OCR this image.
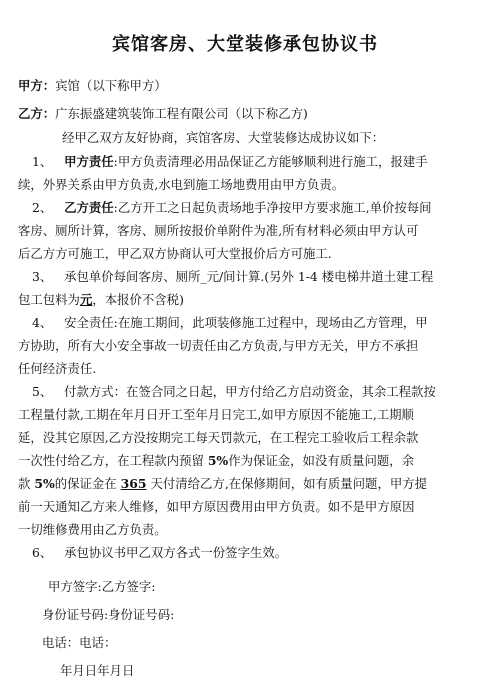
宾馆客房、大堂装修承包协议书
甲方：宾馆（以下称甲方）
乙方：广东振盛建筑装饰工程有限公司（以下称乙方)
经甲乙双方友好协商，宾馆客房、大堂装修达成协议如下：
1、 甲方责任:甲方负责清理必用品保证乙方能够顺利进行施工，报建手
续，外界关系由甲方负责,水电到施工场地费用由甲方负责。
2、 乙方责任:乙方开工之日起负责场地手净按甲方要求施工,单价按每间
客房、厕所计算，客房、厕所按报价单附件为准,所有材料必须由甲方认可
后乙方方可施工，甲乙双方协商认可大堂报价后方可施工.
3、 承包单价每间客房、厕所_元/间计算.(另外 1-4 楼电梯井道土建工程
包工包料为元，本报价不含税)
4、 安全责任:在施工期间，此项装修施工过程中，现场由乙方管理，甲
方协助，所有大小安全事故一切责任由乙方负责,与甲方无关，甲方不承担
任何经济责任.
5、 付款方式：在签合同之日起，甲方付给乙方启动资金，其余工程款按
工程量付款,工期在年月日开工至年月日完工,如甲方原因不能施工,工期顺
延，没其它原因,乙方没按期完工每天罚款元，在工程完工验收后工程余款
一次性付给乙方，在工程款内预留 5%作为保证金，如没有质量问题，余
款 5%的保证金在 365 天付清给乙方,在保修期间，如有质量问题，甲方提
前一天通知乙方来人维修，如甲方原因费用由甲方负责。如不是甲方原因
一切维修费用由乙方负责。
6、 承包协议书甲乙双方各式一份签字生效。
甲方签字:乙方签字:
身份证号码:身份证号码:
电话：电话：
年月日年月日
